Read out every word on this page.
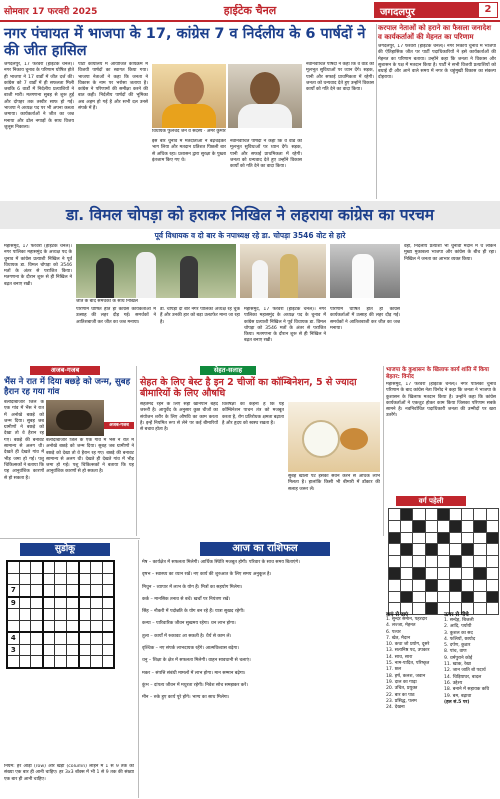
सोमवार 17 फरवरी 2025	हाईटेक चैनल	जगदलपुर	2
नगर पंचायत में भाजपा के 17, कांग्रेस 7 व निर्दलीय के 6 पार्षदों ने की जीत हासिल
जगदलपुर, 17 फरवरी (हाईटेक चैनल)। नगर निकाय चुनाव के परिणाम घोषित होते ही भाजपा ने 17 वार्डों में जीत दर्ज की। कांग्रेस को 7 वार्डों में ही सफलता मिली जबकि 6 वार्डों में निर्दलीय प्रत्याशियों ने बाजी मारी। मतगणना सुबह से शुरू हुई और दोपहर तक तस्वीर साफ हो गई। भाजपा ने अध्यक्ष पद पर भी अपना कब्जा जमाया। कार्यकर्ताओं ने जीत का जश्न मनाया और ढोल नगाड़ों के साथ विजय जुलूस निकाला।
पार्टी कार्यालय में आयोजित कार्यक्रम में विजयी पार्षदों का स्वागत किया गया। भाजपा नेताओं ने कहा कि जनता ने विकास के नाम पर भरोसा जताया है। कांग्रेस ने परिणामों की समीक्षा करने की बात कही। निर्दलीय पार्षदों की भूमिका अब अहम हो गई है और सभी दल उनसे संपर्क में हैं।
विधायक फुलचंद जैन व सदस्य · अमर कुमार
इस बार चुनाव में मतदाताओं ने बढ़चढ़कर भाग लिया और मतदान प्रतिशत पिछली बार से अधिक रहा। प्रशासन द्वारा सुरक्षा के पुख्ता इंतजाम किए गए थे।
नवनिर्वाचित पार्षदों ने कहा कि वे वार्ड की मूलभूत सुविधाओं पर ध्यान देंगे। सड़क, पानी और सफाई प्राथमिकता में रहेगी। जनता को धन्यवाद देते हुए उन्होंने विकास कार्यों को गति देने का वादा किया।
नवनिर्वाचित पार्षदों ने कहा कि वे वार्ड की मूलभूत सुविधाओं पर ध्यान देंगे। सड़क, पानी और सफाई प्राथमिकता में रहेगी। जनता को धन्यवाद देते हुए उन्होंने विकास कार्यों को गति देने का वादा किया।
करपाल नेताओं को हराने का फैसला जनादेश व कार्यकर्ताओं की मेहनत का परिणाम
जगदलपुर, 17 फरवरी (हाईटेक चैनल)। नगर निकाय चुनाव में भाजपा की ऐतिहासिक जीत पर पार्टी पदाधिकारियों ने इसे कार्यकर्ताओं की मेहनत का परिणाम बताया। उन्होंने कहा कि जनता ने विकास और सुशासन के पक्ष में मतदान किया है। पार्टी ने सभी विजयी प्रत्याशियों को बधाई दी और आने वाले समय में नगर के चहुंमुखी विकास का संकल्प दोहराया।
डा. विमल चोपड़ा को हराकर निखिल ने लहराया कांग्रेस का परचम
पूर्व विधायक व दो बार के नपाध्यक्ष रहे डा. चोपड़ा 3546 वोट से हारे
महासमुंद, 17 फरवरी (हाईटेक चैनल)। नगर पालिका महासमुंद के अध्यक्ष पद के चुनाव में कांग्रेस प्रत्याशी निखिल ने पूर्व विधायक डा. विमल चोपड़ा को 3546 मतों के अंतर से पराजित किया। मतगणना के दौरान शुरू से ही निखिल ने बढ़त बनाए रखी।
जीत के बाद समर्थकों के साथ निखिल
परिणाम घोषित होते ही कांग्रेस कार्यकर्ताओं में उत्साह की लहर दौड़ गई। समर्थकों ने आतिशबाजी कर जीत का जश्न मनाया।
डा. चोपड़ा दो बार नगर पालिका अध्यक्ष रह चुके हैं और उनकी हार को बड़ा उलटफेर माना जा रहा है।
महासमुंद, 17 फरवरी (हाईटेक चैनल)। नगर पालिका महासमुंद के अध्यक्ष पद के चुनाव में कांग्रेस प्रत्याशी निखिल ने पूर्व विधायक डा. विमल चोपड़ा को 3546 मतों के अंतर से पराजित किया। मतगणना के दौरान शुरू से ही निखिल ने बढ़त बनाए रखी।
परिणाम घोषित होते ही कांग्रेस कार्यकर्ताओं में उत्साह की लहर दौड़ गई। समर्थकों ने आतिशबाजी कर जीत का जश्न मनाया।
वहीं, निर्दलीय प्रत्याशी भी चुनावी मैदान में थे लेकिन मुख्य मुकाबला भाजपा और कांग्रेस के बीच ही रहा। निखिल ने जनता का आभार व्यक्त किया।
अजब-गजब
भैंस ने रात में दिया बछड़े को जन्म, सुबह हैरान रह गया गांव
अजब-गजब
बलौदाबाजार जिले के एक गांव में भैंस ने रात में अनोखे बछड़े को जन्म दिया। सुबह जब ग्रामीणों ने बछड़े को देखा तो वे हैरान रह गए। बछड़े की बनावट सामान्य से अलग थी। देखते ही देखते गांव में भीड़ जमा हो गई। पशु चिकित्सकों ने बताया कि यह आनुवंशिक कारणों से हो सकता है।
बलौदाबाजार जिले के एक गांव में भैंस ने रात में अनोखे बछड़े को जन्म दिया। सुबह जब ग्रामीणों ने बछड़े को देखा तो वे हैरान रह गए। बछड़े की बनावट सामान्य से अलग थी। देखते ही देखते गांव में भीड़ जमा हो गई। पशु चिकित्सकों ने बताया कि यह आनुवंशिक कारणों से हो सकता है।
सेहत-सलाह
सेहत के लिए बेस्ट है इन 2 चीजों का कॉम्बिनेशन, 5 से ज्यादा बीमारियों के लिए औषधि
सेहतमंद रहने के लिए सही खानपान बेहद जरूरी है। आयुर्वेद के अनुसार कुछ चीजों का संयोजन शरीर के लिए औषधि का काम करता है। इन्हें नियमित रूप से लेने पर कई बीमारियों से बचाव होता है।
विशेषज्ञों का कहना है कि यह कॉम्बिनेशन पाचन तंत्र को मजबूत करता है, रोग प्रतिरोधक क्षमता बढ़ाता है और हृदय को स्वस्थ रखता है।
सुबह खाली पेट इसका सेवन करने से अधिक लाभ मिलता है। हालांकि किसी भी बीमारी में डॉक्टर की सलाह जरूर लें।
भाजपा के कुशासन के खिलाफ कार्य शांति में किया बेहतर: विनोद
महासमुंद, 17 फरवरी (हाईटेक चैनल)। नगर पालिका चुनाव परिणाम के बाद कांग्रेस नेता विनोद ने कहा कि जनता ने भाजपा के कुशासन के खिलाफ मतदान किया है। उन्होंने कहा कि कांग्रेस कार्यकर्ताओं ने एकजुट होकर काम किया जिसका परिणाम सबके सामने है। नवनिर्वाचित पदाधिकारी जनता की उम्मीदों पर खरा उतरेंगे।
वर्ग पहेली

बाएं से दाएं
1. सुन्दर समान, पहरदार
4. लज्जा, मेहनत
6. पत्थर
7. खेत, मैदान
10. कथा जो प्रयोग, दूसरे
13. सत्यनिष्ठ पद, उपकार
14. साथ, सारा
15. नाम-पादित, परिष्कृत
17. छल
18. हर्ष, कलश, जवान
19. दाल का गाढ़ा
20. उचित, प्रयुक्त
22. बार का पाठ
23. प्रसिद्ध, पलम
24. देखना
ऊपर से नीचे
1. सन्देह, बिजली
2. आदि, पर्यायी
3. कुशल का सद
4. फलियों, छायोद
5. दर्पण, कुठार
8. पांच, वाण
9. धर्मपुराने कोई
11. खाक, रेखा
12. जान जाति बो पदार्थ
14. चिड़ियाघर, बादल
16. उद्देश्य
18. बनाने में सहायक कवि
19. बम, बढ़ावा
(हल सं.5 पर)
सुडोकू

7								
9								

4								
3								

नियम: हर आड़ी (row) और खड़ी (column) लाइन में 1 से 9 तक की संख्या एक बार ही आनी चाहिए। हर 3x3 बॉक्स में भी 1 से 9 तक की संख्या एक बार ही आनी चाहिए।
आज का राशिफल
मेष – कार्यक्षेत्र में सफलता मिलेगी। आर्थिक स्थिति मजबूत होगी। परिवार के साथ समय बिताएंगे।
वृषभ – स्वास्थ्य का ध्यान रखें। नए कार्य की शुरुआत के लिए समय अनुकूल है।
मिथुन – व्यापार में लाभ के योग हैं। मित्रों का सहयोग मिलेगा।
कर्क – मानसिक तनाव से बचें। खर्चों पर नियंत्रण रखें।
सिंह – नौकरी में पदोन्नति के योग बन रहे हैं। यात्रा सुखद रहेगी।
कन्या – पारिवारिक जीवन सुखमय रहेगा। धन लाभ होगा।
तुला – कार्यों में रुकावट आ सकती है। धैर्य से काम लें।
वृश्चिक – नए संपर्क लाभदायक रहेंगे। आत्मविश्वास बढ़ेगा।
धनु – शिक्षा के क्षेत्र में सफलता मिलेगी। वाहन सावधानी से चलाएं।
मकर – संपत्ति संबंधी मामलों में लाभ होगा। मान सम्मान बढ़ेगा।
कुंभ – दांपत्य जीवन में मधुरता रहेगी। निवेश सोच समझकर करें।
मीन – रुके हुए कार्य पूरे होंगे। भाग्य का साथ मिलेगा।
